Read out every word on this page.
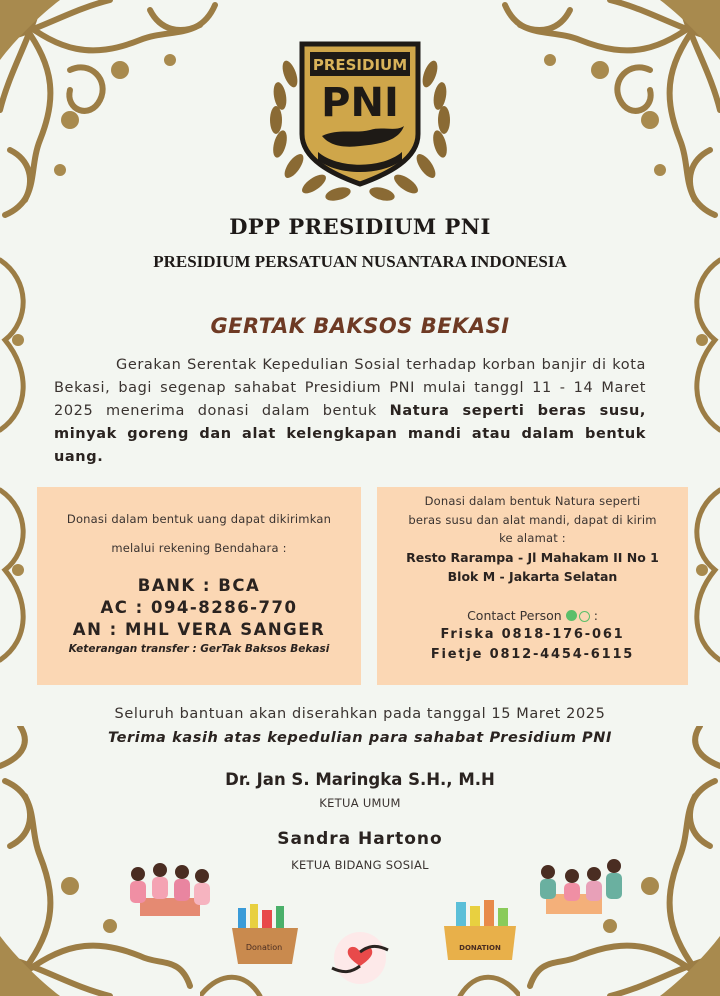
PRESIDIUM
PNI
DPP PRESIDIUM PNI
PRESIDIUM PERSATUAN NUSANTARA INDONESIA
GERTAK BAKSOS BEKASI
Gerakan Serentak Kepedulian Sosial terhadap korban banjir di kota Bekasi, bagi segenap sahabat Presidium PNI mulai tanggl 11 - 14 Maret 2025 menerima donasi dalam bentuk Natura seperti beras susu, minyak goreng dan alat kelengkapan mandi atau dalam bentuk uang.
Donasi dalam bentuk uang dapat dikirimkan
melalui rekening Bendahara :
BANK : BCA
AC : 094-8286-770
AN : MHL VERA SANGER
Keterangan transfer : GerTak Baksos Bekasi
Donasi dalam bentuk Natura seperti
beras susu dan alat mandi, dapat di kirim
ke alamat :
Resto Rarampa - Jl Mahakam II No 1
Blok M - Jakarta Selatan
Contact Person	:
Friska 0818-176-061
Fietje 0812-4454-6115
Seluruh bantuan akan diserahkan pada tanggal 15 Maret 2025
Terima kasih atas kepedulian para sahabat Presidium PNI
Dr. Jan S. Maringka S.H., M.H
KETUA UMUM
Sandra Hartono
KETUA BIDANG SOSIAL
Donation	DONATION
